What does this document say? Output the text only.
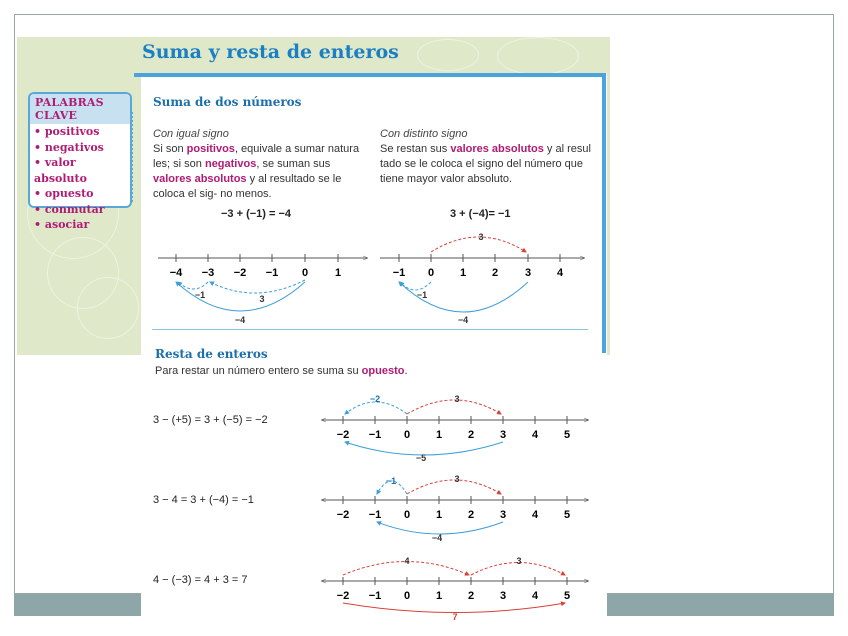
Suma y resta de enteros
PALABRAS CLAVE
• positivos
• negativos
• valor absoluto
• opuesto
• conmutar
• asociar
Suma de dos números
Con igual signo
Si son positivos, equivale a sumar natura les; si son negativos, se suman sus valores absolutos y al resultado se le coloca el sig- no menos.
Con distinto signo
Se restan sus valores absolutos y al resul tado se le coloca el signo del número que tiene mayor valor absoluto.
−3 + (−1) = −4	3 + (−4)= −1
−4 −3 −2 −1 0 1
−1	3
−4
−1 0 1 2 3 4
3
−1
−4
−2 −1 0 1 2 3 4 5
−2	3
−5
−2 −1 0 1 2 3 4 5
−1	3
−4
−2 −1 0 1 2 3 4 5
4	3
7
Resta de enteros
Para restar un número entero se suma su opuesto.
3 − (+5) = 3 + (−5) = −2
3 − 4 = 3 + (−4) = −1
4 − (−3) = 4 + 3 = 7
